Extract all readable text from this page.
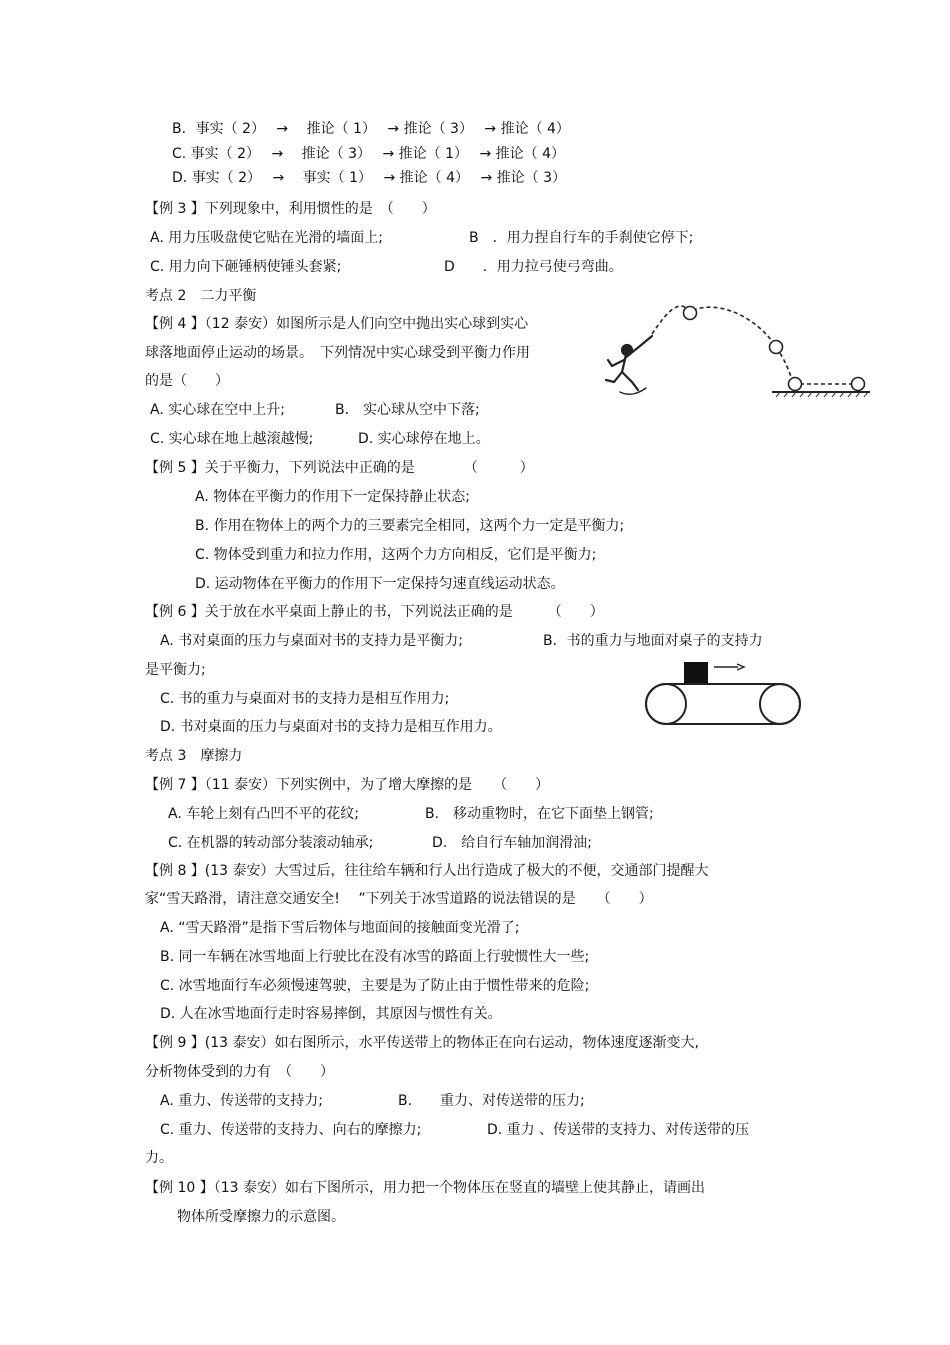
B．事实（ 2）　 → 　推论（ 1）　 → 推论（ 3）　 → 推论（ 4）
C. 事实（ 2）　 → 　推论（ 3）　 → 推论（ 1）　 → 推论（ 4）
D. 事实（ 2）　 → 　事实（ 1）　 → 推论（ 4）　 → 推论（ 3）
【例 3 】下列现象中，利用惯性的是　（　　）
A. 用力压吸盘使它贴在光滑的墙面上;	B　．用力捏自行车的手刹使它停下;
C. 用力向下砸锤柄使锤头套紧;	D　　．用力拉弓使弓弯曲。
考点 2　二力平衡
【例 4 】（12 泰安）如图所示是人们向空中抛出实心球到实心
球落地面停止运动的场景。　下列情况中实心球受到平衡力作用
的是（　　）
A. 实心球在空中上升;	B.　实心球从空中下落;
C. 实心球在地上越滚越慢;	D. 实心球停在地上。
【例 5 】关于平衡力，下列说法中正确的是　　　　（　　　）
A. 物体在平衡力的作用下一定保持静止状态;
B. 作用在物体上的两个力的三要素完全相同，这两个力一定是平衡力;
C. 物体受到重力和拉力作用，这两个力方向相反，它们是平衡力;
D. 运动物体在平衡力的作用下一定保持匀速直线运动状态。
【例 6 】关于放在水平桌面上静止的书，下列说法正确的是　　　（　　）
A. 书对桌面的压力与桌面对书的支持力是平衡力;	B．书的重力与地面对桌子的支持力
是平衡力;
C. 书的重力与桌面对书的支持力是相互作用力;
D. 书对桌面的压力与桌面对书的支持力是相互作用力。
考点 3　摩擦力
【例 7 】（11 泰安）下列实例中，为了增大摩擦的是　　（　　）
A. 车轮上刻有凸凹不平的花纹;	B.　移动重物时，在它下面垫上钢管;
C. 在机器的转动部分装滚动轴承;	D.　给自行车轴加润滑油;
【例 8 】(13 泰安）大雪过后，往往给车辆和行人出行造成了极大的不便，交通部门提醒大
家“雪天路滑，请注意交通安全!　 ”下列关于冰雪道路的说法错误的是　　（　　）
A. “雪天路滑”是指下雪后物体与地面间的接触面变光滑了;
B. 同一车辆在冰雪地面上行驶比在没有冰雪的路面上行驶惯性大一些;
C. 冰雪地面行车必须慢速驾驶，主要是为了防止由于惯性带来的危险;
D. 人在冰雪地面行走时容易摔倒，其原因与惯性有关。
【例 9 】(13 泰安）如右图所示，水平传送带上的物体正在向右运动，物体速度逐渐变大,
分析物体受到的力有　（　　）
A. 重力、传送带的支持力;	B.　　重力、对传送带的压力;
C. 重力、传送带的支持力、向右的摩擦力;	D. 重力 、传送带的支持力、对传送带的压
力。
【例 10 】（13 泰安）如右下图所示，用力把一个物体压在竖直的墙壁上使其静止，请画出
物体所受摩擦力的示意图。
